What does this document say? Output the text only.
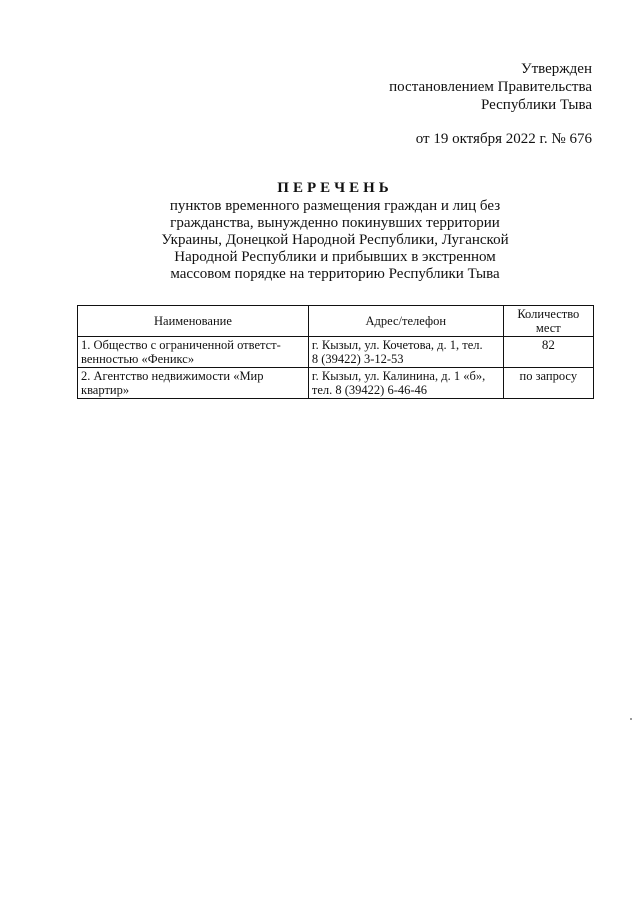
Утвержден
постановлением Правительства
Республики Тыва
от 19 октября 2022 г. № 676
ПЕРЕЧЕНЬ
пунктов временного размещения граждан и лиц без
гражданства, вынужденно покинувших территории
Украины, Донецкой Народной Республики, Луганской
Народной Республики и прибывших в экстренном
массовом порядке на территорию Республики Тыва
Наименование	Адрес/телефон	Количество
мест
1. Общество с ограниченной ответст-
венностью «Феникс»	г. Кызыл, ул. Кочетова, д. 1, тел.
8 (39422) 3-12-53	82
2. Агентство недвижимости «Мир
квартир»	г. Кызыл, ул. Калинина, д. 1 «б»,
тел. 8 (39422) 6-46-46	по запросу
